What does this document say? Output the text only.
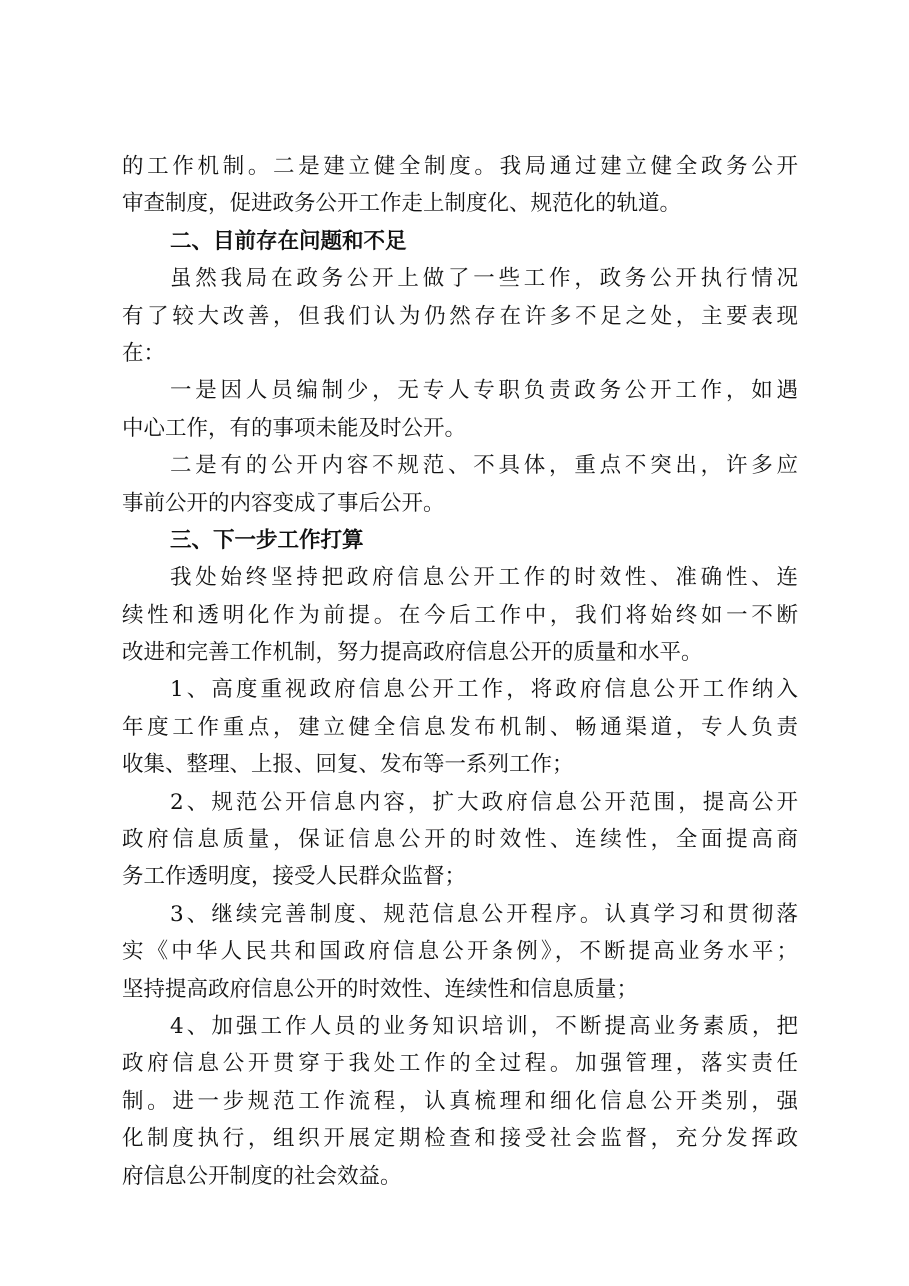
的工作机制。二是建立健全制度。我局通过建立健全政务公开
审查制度，促进政务公开工作走上制度化、规范化的轨道。
二、目前存在问题和不足
虽然我局在政务公开上做了一些工作，政务公开执行情况
有了较大改善，但我们认为仍然存在许多不足之处，主要表现
在：
一是因人员编制少，无专人专职负责政务公开工作，如遇
中心工作，有的事项未能及时公开。
二是有的公开内容不规范、不具体，重点不突出，许多应
事前公开的内容变成了事后公开。
三、下一步工作打算
我处始终坚持把政府信息公开工作的时效性、准确性、连
续性和透明化作为前提。在今后工作中，我们将始终如一不断
改进和完善工作机制，努力提高政府信息公开的质量和水平。
1、高度重视政府信息公开工作，将政府信息公开工作纳入
年度工作重点，建立健全信息发布机制、畅通渠道，专人负责
收集、整理、上报、回复、发布等一系列工作；
2、规范公开信息内容，扩大政府信息公开范围，提高公开
政府信息质量，保证信息公开的时效性、连续性，全面提高商
务工作透明度，接受人民群众监督；
3、继续完善制度、规范信息公开程序。认真学习和贯彻落
实《中华人民共和国政府信息公开条例》，不断提高业务水平；
坚持提高政府信息公开的时效性、连续性和信息质量；
4、加强工作人员的业务知识培训，不断提高业务素质，把
政府信息公开贯穿于我处工作的全过程。加强管理，落实责任
制。进一步规范工作流程，认真梳理和细化信息公开类别，强
化制度执行，组织开展定期检查和接受社会监督，充分发挥政
府信息公开制度的社会效益。
